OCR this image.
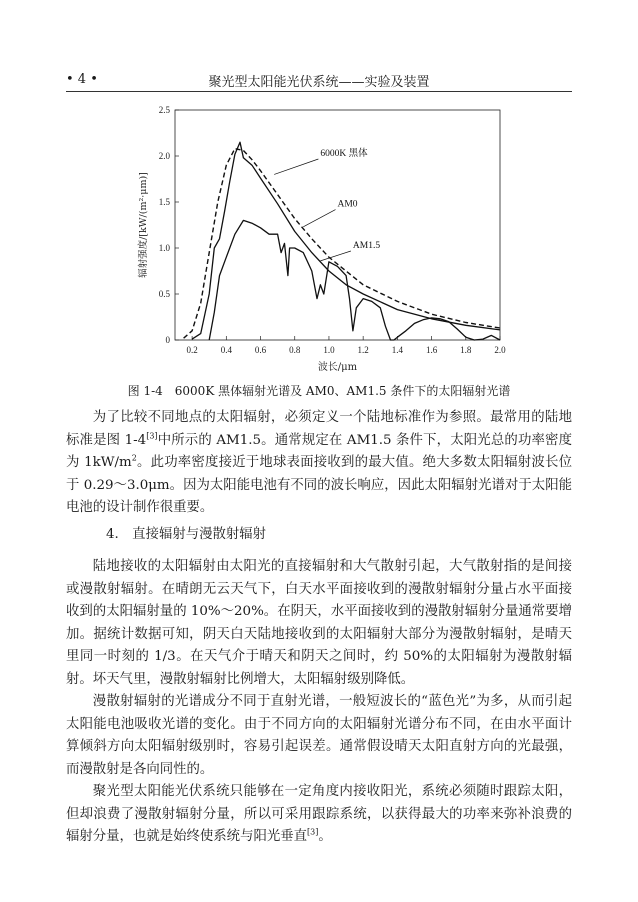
• 4 •	聚光型太阳能光伏系统——实验及装置
0.2	0.4	0.6	0.8	1.0	1.2	1.4	1.6	1.8	2.0
0
0.5
1.0
1.5
2.0
2.5
波长/μm
辐射强度/[kW/(m²·μm)]
6000K 黑体
AM0
AM1.5
图 1-4　6000K 黑体辐射光谱及 AM0、AM1.5 条件下的太阳辐射光谱

为了比较不同地点的太阳辐射，必须定义一个陆地标准作为参照。最常用的陆地标准是图 1-4[3]中所示的 AM1.5。通常规定在 AM1.5 条件下，太阳光总的功率密度为 $1kW/m^2$。此功率密度接近于地球表面接收到的最大值。绝大多数太阳辐射波长位于 0.29～3.0μm。因为太阳能电池有不同的波长响应，因此太阳辐射光谱对于太阳能电池的设计制作很重要。

4.　直接辐射与漫散射辐射

陆地接收的太阳辐射由太阳光的直接辐射和大气散射引起，大气散射指的是间接或漫散射辐射。在晴朗无云天气下，白天水平面接收到的漫散射辐射分量占水平面接收到的太阳辐射量的 10%～20%。在阴天，水平面接收到的漫散射辐射分量通常要增加。据统计数据可知，阴天白天陆地接收到的太阳辐射大部分为漫散射辐射，是晴天里同一时刻的 1/3。在天气介于晴天和阴天之间时，约 50%的太阳辐射为漫散射辐射。坏天气里，漫散射辐射比例增大，太阳辐射级别降低。

漫散射辐射的光谱成分不同于直射光谱，一般短波长的“蓝色光”为多，从而引起太阳能电池吸收光谱的变化。由于不同方向的太阳辐射光谱分布不同，在由水平面计算倾斜方向太阳辐射级别时，容易引起误差。通常假设晴天太阳直射方向的光最强，而漫散射是各向同性的。

聚光型太阳能光伏系统只能够在一定角度内接收阳光，系统必须随时跟踪太阳，但却浪费了漫散射辐射分量，所以可采用跟踪系统，以获得最大的功率来弥补浪费的辐射分量，也就是始终使系统与阳光垂直[3]。
